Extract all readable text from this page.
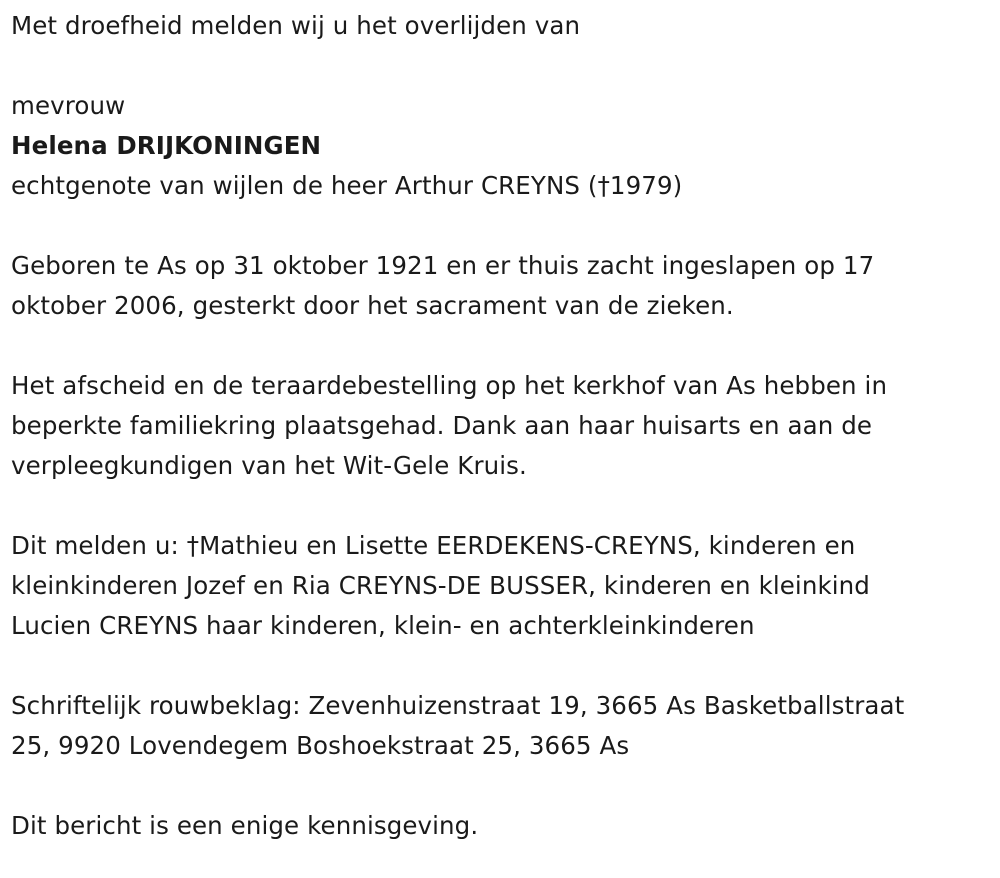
Met droefheid melden wij u het overlijden van
mevrouw
Helena DRIJKONINGEN
echtgenote van wijlen de heer Arthur CREYNS (†1979)
Geboren te As op 31 oktober 1921 en er thuis zacht ingeslapen op 17
oktober 2006, gesterkt door het sacrament van de zieken.
Het afscheid en de teraardebestelling op het kerkhof van As hebben in
beperkte familiekring plaatsgehad. Dank aan haar huisarts en aan de
verpleegkundigen van het Wit-Gele Kruis.
Dit melden u: †Mathieu en Lisette EERDEKENS-CREYNS, kinderen en
kleinkinderen Jozef en Ria CREYNS-DE BUSSER, kinderen en kleinkind
Lucien CREYNS haar kinderen, klein- en achterkleinkinderen
Schriftelijk rouwbeklag: Zevenhuizenstraat 19, 3665 As Basketballstraat
25, 9920 Lovendegem Boshoekstraat 25, 3665 As
Dit bericht is een enige kennisgeving.
